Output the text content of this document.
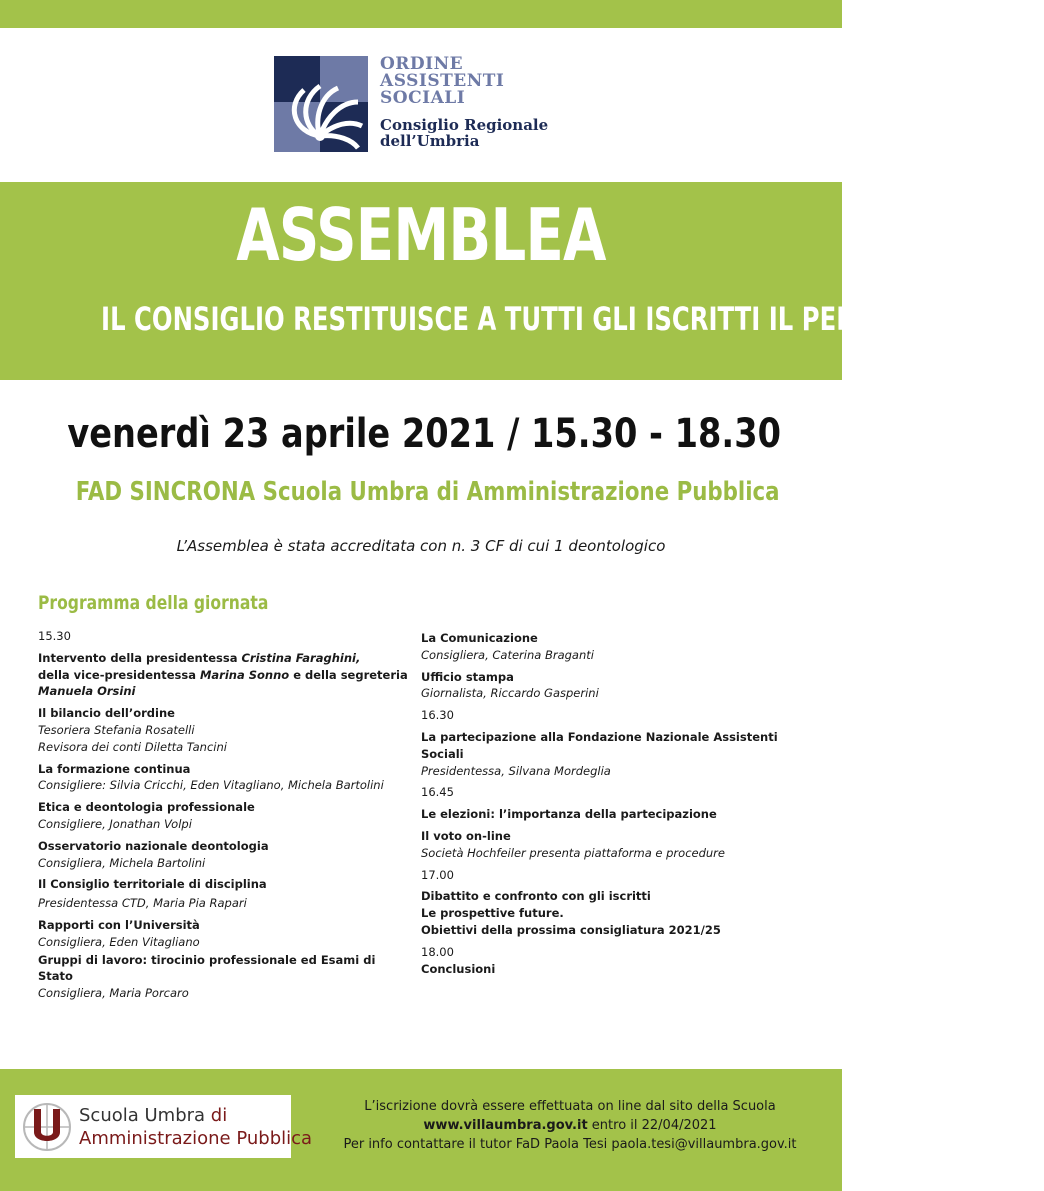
ORDINE
ASSISTENTI
SOCIALI
Consiglio Regionale
dell’Umbria
ASSEMBLEA
IL CONSIGLIO RESTITUISCE A TUTTI GLI ISCRITTI IL PERCORSO FATTO
venerdì 23 aprile 2021 / 15.30 - 18.30
FAD SINCRONA Scuola Umbra di Amministrazione Pubblica
L’Assemblea è stata accreditata con n. 3 CF di cui 1 deontologico
Programma della giornata
15.30
Intervento della presidentessa Cristina Faraghini,
della vice-presidentessa Marina Sonno e della segreteria
Manuela Orsini
Il bilancio dell’ordine
Tesoriera Stefania Rosatelli
Revisora dei conti Diletta Tancini
La formazione continua
Consigliere: Silvia Cricchi, Eden Vitagliano, Michela Bartolini
Etica e deontologia professionale
Consigliere, Jonathan Volpi
Osservatorio nazionale deontologia
Consigliera, Michela Bartolini
Il Consiglio territoriale di disciplina
Presidentessa CTD, Maria Pia Rapari
Rapporti con l’Università
Consigliera, Eden Vitagliano
Gruppi di lavoro: tirocinio professionale ed Esami di Stato
Consigliera, Maria Porcaro
La Comunicazione
Consigliera, Caterina Braganti
Ufficio stampa
Giornalista, Riccardo Gasperini
16.30
La partecipazione alla Fondazione Nazionale Assistenti Sociali
Presidentessa, Silvana Mordeglia
16.45
Le elezioni: l’importanza della partecipazione
Il voto on-line
Società Hochfeiler presenta piattaforma e procedure
17.00
Dibattito e confronto con gli iscritti
Le prospettive future.
Obiettivi della prossima consigliatura 2021/25
18.00
Conclusioni
Scuola Umbra di
Amministrazione Pubblica
L’iscrizione dovrà essere effettuata on line dal sito della Scuola
www.villaumbra.gov.it entro il 22/04/2021
Per info contattare il tutor FaD Paola Tesi paola.tesi@villaumbra.gov.it
